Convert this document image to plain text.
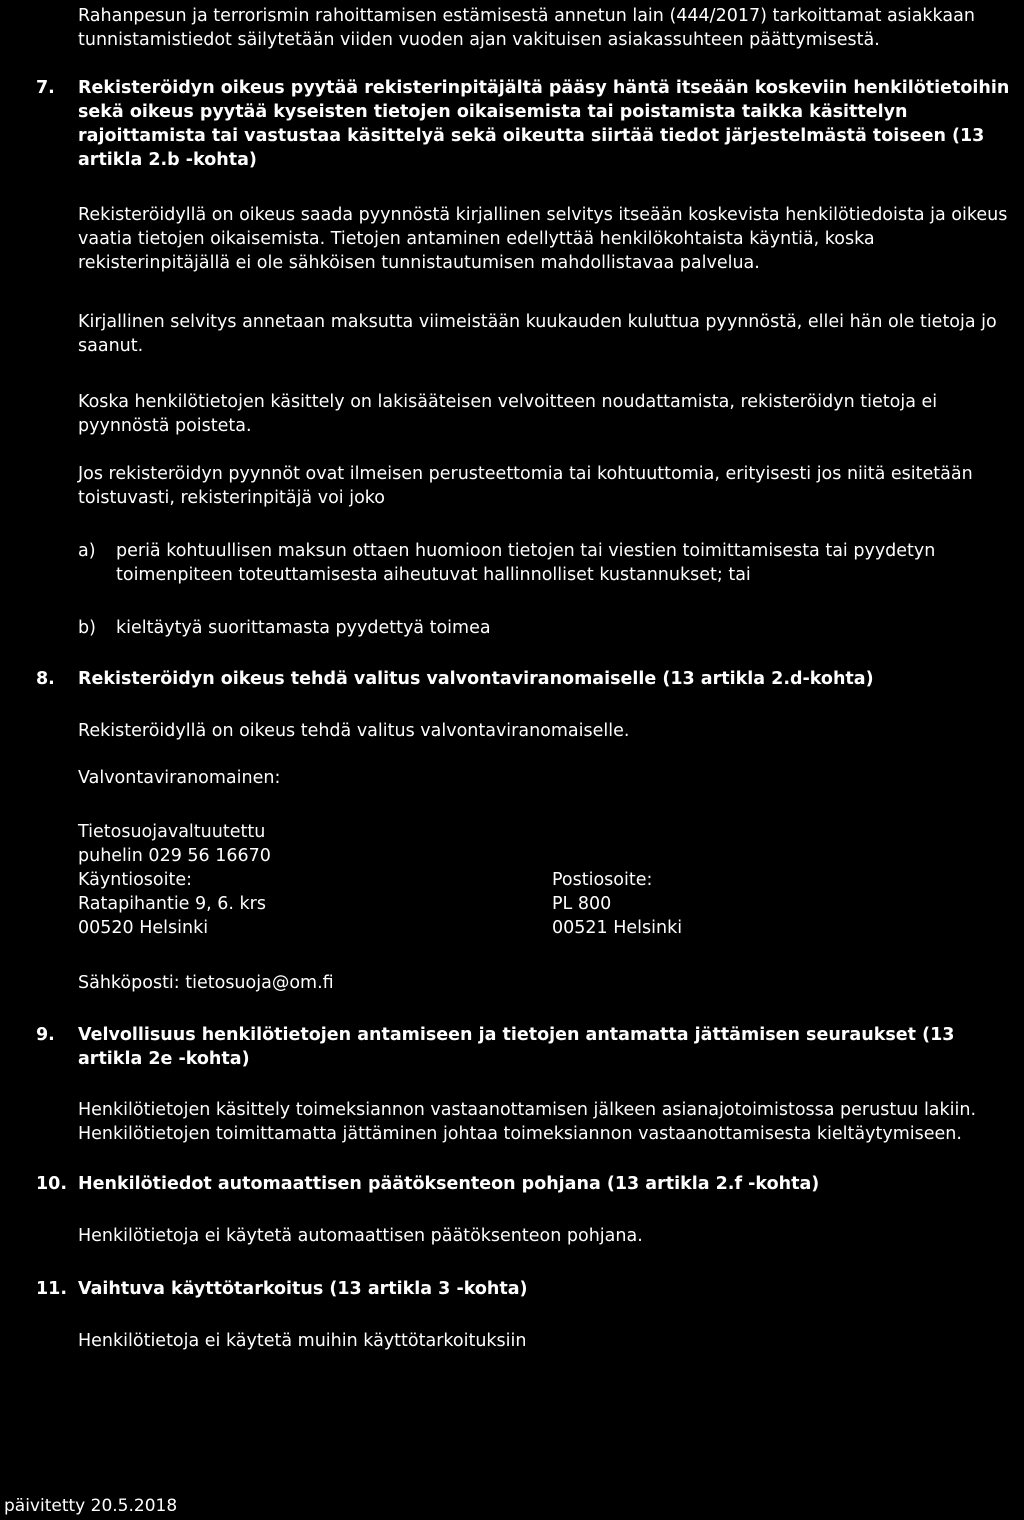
Rahanpesun ja terrorismin rahoittamisen estämisestä annetun lain (444/2017) tarkoittamat asiakkaan tunnistamistiedot säilytetään viiden vuoden ajan vakituisen asiakassuhteen päättymisestä.

7.	Rekisteröidyn oikeus pyytää rekisterinpitäjältä pääsy häntä itseään koskeviin henkilötietoihin sekä oikeus pyytää kyseisten tietojen oikaisemista tai poistamista taikka käsittelyn rajoittamista tai vastustaa käsittelyä sekä oikeutta siirtää tiedot järjestelmästä toiseen (13 artikla 2.b -kohta)

Rekisteröidyllä on oikeus saada pyynnöstä kirjallinen selvitys itseään koskevista henkilötiedoista ja oikeus vaatia tietojen oikaisemista. Tietojen antaminen edellyttää henkilökohtaista käyntiä, koska rekisterinpitäjällä ei ole sähköisen tunnistautumisen mahdollistavaa palvelua.

Kirjallinen selvitys annetaan maksutta viimeistään kuukauden kuluttua pyynnöstä, ellei hän ole tietoja jo saanut.

Koska henkilötietojen käsittely on lakisääteisen velvoitteen noudattamista, rekisteröidyn tietoja ei pyynnöstä poisteta.

Jos rekisteröidyn pyynnöt ovat ilmeisen perusteettomia tai kohtuuttomia, erityisesti jos niitä esitetään toistuvasti, rekisterinpitäjä voi joko

a)	periä kohtuullisen maksun ottaen huomioon tietojen tai viestien toimittamisesta tai pyydetyn toimenpiteen toteuttamisesta aiheutuvat hallinnolliset kustannukset; tai
b)	kieltäytyä suorittamasta pyydettyä toimea
8.	Rekisteröidyn oikeus tehdä valitus valvontaviranomaiselle (13 artikla 2.d-kohta)

Rekisteröidyllä on oikeus tehdä valitus valvontaviranomaiselle.

Valvontaviranomainen:

Tietosuojavaltuutettu
puhelin 029 56 16670
Käyntiosoite:	Postiosoite:
Ratapihantie 9, 6. krs	PL 800
00520 Helsinki	00521 Helsinki

Sähköposti: tietosuoja@om.fi

9.	Velvollisuus henkilötietojen antamiseen ja tietojen antamatta jättämisen seuraukset (13 artikla 2e -kohta)

Henkilötietojen käsittely toimeksiannon vastaanottamisen jälkeen asianajotoimistossa perustuu lakiin. Henkilötietojen toimittamatta jättäminen johtaa toimeksiannon vastaanottamisesta kieltäytymiseen.

10. Henkilötiedot automaattisen päätöksenteon pohjana (13 artikla 2.f -kohta)

Henkilötietoja ei käytetä automaattisen päätöksenteon pohjana.

11. Vaihtuva käyttötarkoitus (13 artikla 3 -kohta)

Henkilötietoja ei käytetä muihin käyttötarkoituksiin

päivitetty 20.5.2018
